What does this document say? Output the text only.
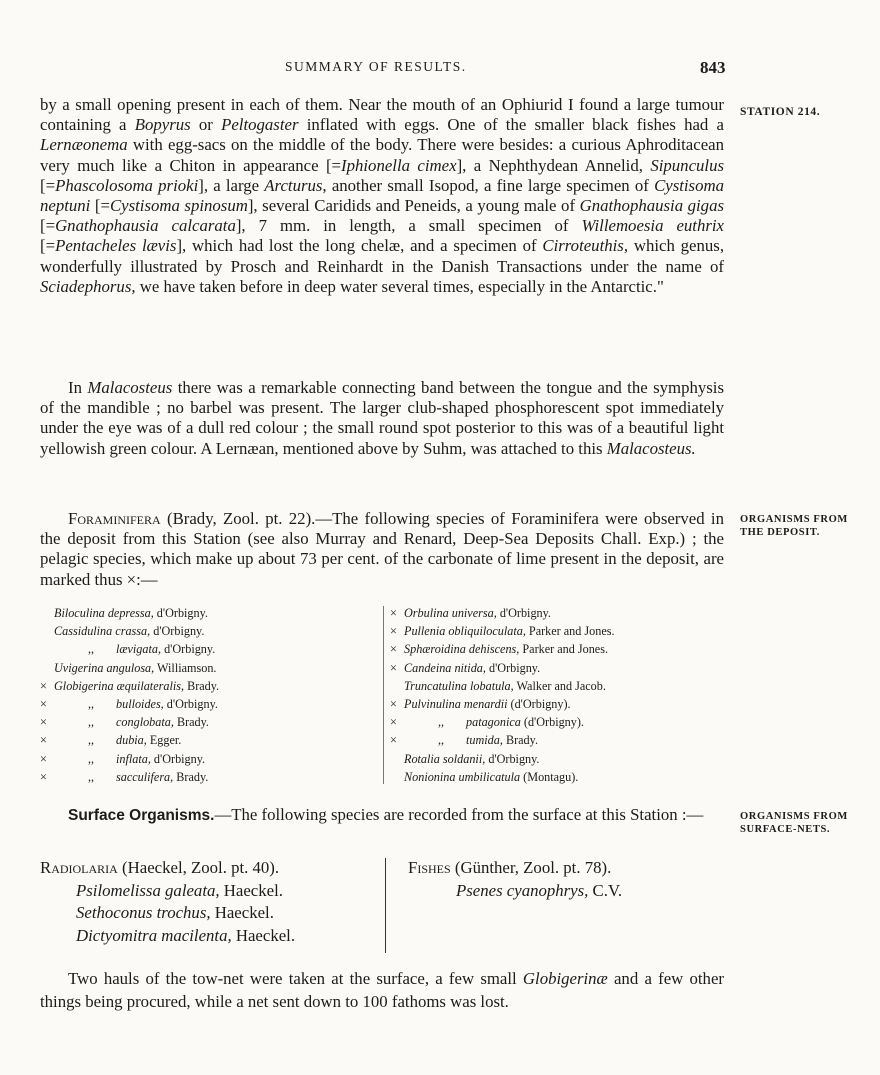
SUMMARY OF RESULTS.	843
STATION 214.
ORGANISMS FROM THE DEPOSIT.
ORGANISMS FROM SURFACE-NETS.

by a small opening present in each of them. Near the mouth of an Ophiurid I found a large tumour containing a Bopyrus or Peltogaster inflated with eggs. One of the smaller black fishes had a Lernæonema with egg-sacs on the middle of the body. There were besides: a curious Aphroditacean very much like a Chiton in appearance [=Iphionella cimex], a Nephthydean Annelid, Sipunculus [=Phascolosoma prioki], a large Arcturus, another small Isopod, a fine large specimen of Cystisoma neptuni [=Cystisoma spinosum], several Caridids and Peneids, a young male of Gnathophausia gigas [=Gnathophausia calcarata], 7 mm. in length, a small specimen of Willemoesia euthrix [=Pentacheles lævis], which had lost the long chelæ, and a specimen of Cirroteuthis, which genus, wonderfully illustrated by Prosch and Reinhardt in the Danish Transactions under the name of Sciadephorus, we have taken before in deep water several times, especially in the Antarctic."

In Malacosteus there was a remarkable connecting band between the tongue and the symphysis of the mandible ; no barbel was present. The larger club-shaped phosphorescent spot immediately under the eye was of a dull red colour ; the small round spot posterior to this was of a beautiful light yellowish green colour. A Lernæan, mentioned above by Suhm, was attached to this Malacosteus.

Foraminifera (Brady, Zool. pt. 22).—The following species of Foraminifera were observed in the deposit from this Station (see also Murray and Renard, Deep-Sea Deposits Chall. Exp.) ; the pelagic species, which make up about 73 per cent. of the carbonate of lime present in the deposit, are marked thus ×:—

Biloculina depressa, d'Orbigny.
Cassidulina crassa, d'Orbigny.
,, lævigata, d'Orbigny.
Uvigerina angulosa, Williamson.
× Globigerina æquilateralis, Brady.
×	,, bulloides, d'Orbigny.
×	,, conglobata, Brady.
×	,, dubia, Egger.
×	,, inflata, d'Orbigny.
×	,, sacculifera, Brady.
× Orbulina universa, d'Orbigny.
× Pullenia obliquiloculata, Parker and Jones.
× Sphæroidina dehiscens, Parker and Jones.
× Candeina nitida, d'Orbigny.
Truncatulina lobatula, Walker and Jacob.
× Pulvinulina menardii (d'Orbigny).
×	,, patagonica (d'Orbigny).
×	,, tumida, Brady.
Rotalia soldanii, d'Orbigny.
Nonionina umbilicatula (Montagu).

Surface Organisms.—The following species are recorded from the surface at this Station :—

Radiolaria (Haeckel, Zool. pt. 40).
Psilomelissa galeata, Haeckel.
Sethoconus trochus, Haeckel.
Dictyomitra macilenta, Haeckel.
Fishes (Günther, Zool. pt. 78).
Psenes cyanophrys, C.V.

Two hauls of the tow-net were taken at the surface, a few small Globigerinæ and a few other things being procured, while a net sent down to 100 fathoms was lost.
